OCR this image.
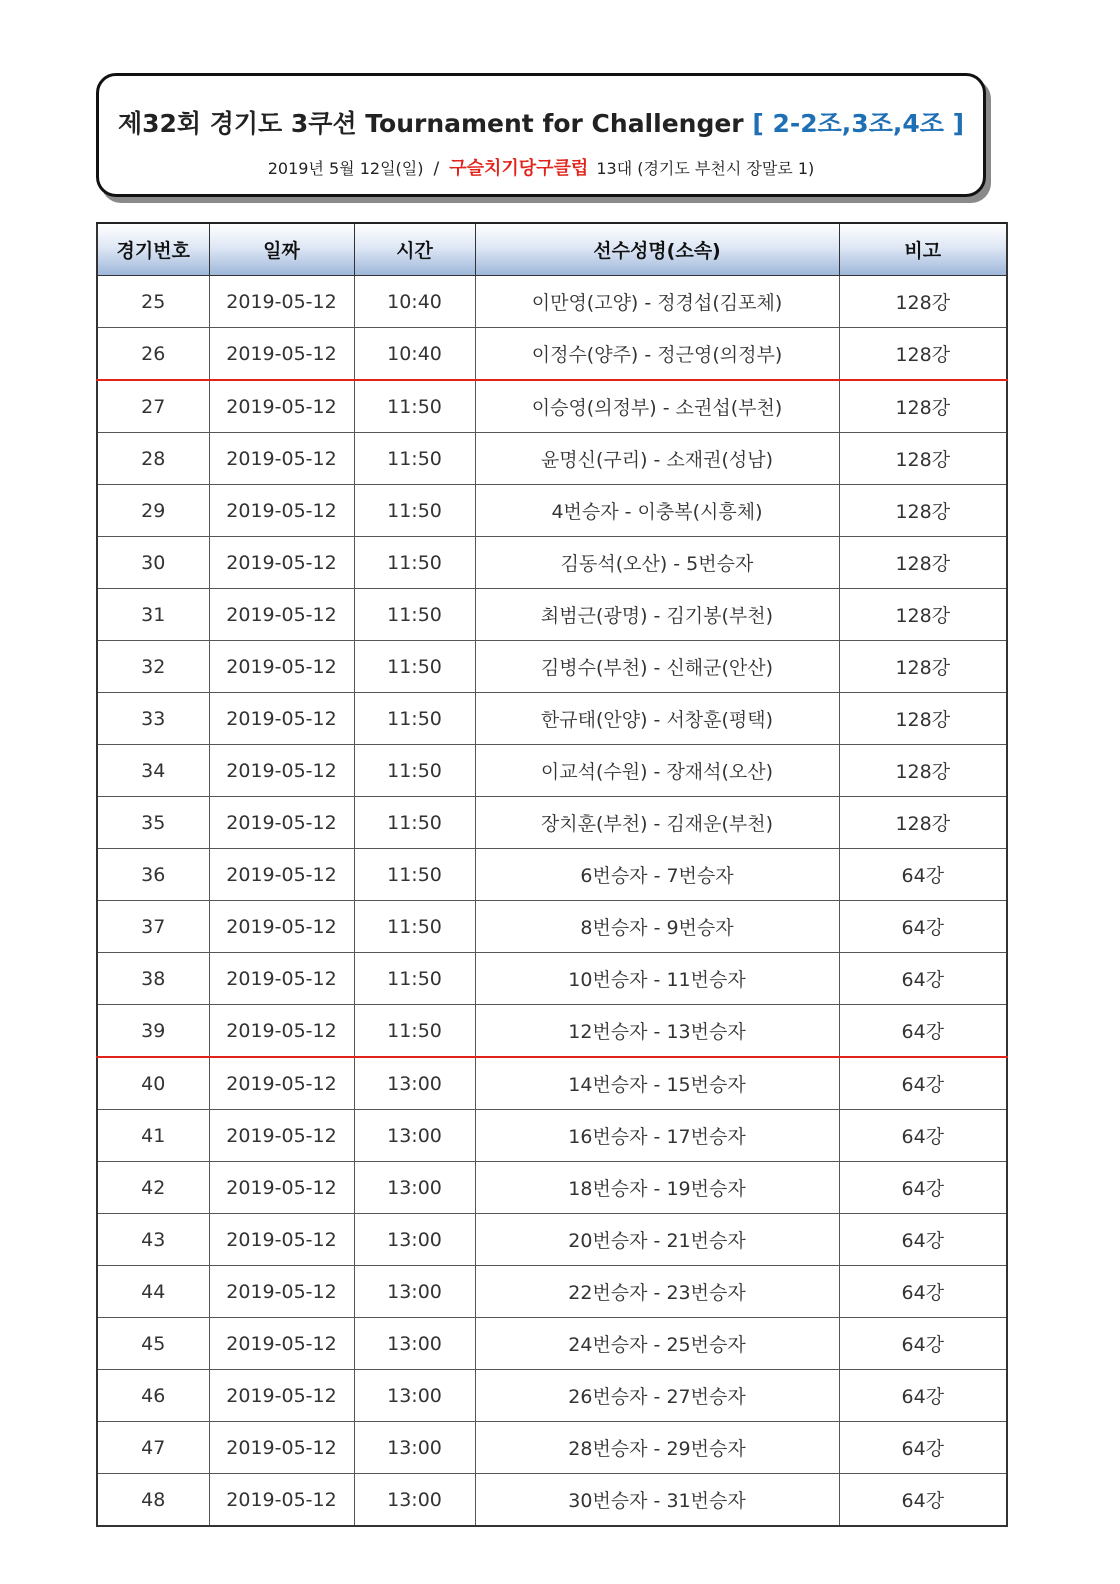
제32회 경기도 3쿠션 Tournament for Challenger [ 2-2조,3조,4조 ]
2019년 5월 12일(일) / 구슬치기당구클럽 13대 (경기도 부천시 장말로 1)
경기번호	일짜	시간	선수성명(소속)	비고
25	2019-05-12	10:40	이만영(고양) - 정경섭(김포체)	128강
26	2019-05-12	10:40	이정수(양주) - 정근영(의정부)	128강
27	2019-05-12	11:50	이승영(의정부) - 소권섭(부천)	128강
28	2019-05-12	11:50	윤명신(구리) - 소재권(성남)	128강
29	2019-05-12	11:50	4번승자 - 이충복(시흥체)	128강
30	2019-05-12	11:50	김동석(오산) - 5번승자	128강
31	2019-05-12	11:50	최범근(광명) - 김기봉(부천)	128강
32	2019-05-12	11:50	김병수(부천) - 신해군(안산)	128강
33	2019-05-12	11:50	한규태(안양) - 서창훈(평택)	128강
34	2019-05-12	11:50	이교석(수원) - 장재석(오산)	128강
35	2019-05-12	11:50	장치훈(부천) - 김재운(부천)	128강
36	2019-05-12	11:50	6번승자 - 7번승자	64강
37	2019-05-12	11:50	8번승자 - 9번승자	64강
38	2019-05-12	11:50	10번승자 - 11번승자	64강
39	2019-05-12	11:50	12번승자 - 13번승자	64강
40	2019-05-12	13:00	14번승자 - 15번승자	64강
41	2019-05-12	13:00	16번승자 - 17번승자	64강
42	2019-05-12	13:00	18번승자 - 19번승자	64강
43	2019-05-12	13:00	20번승자 - 21번승자	64강
44	2019-05-12	13:00	22번승자 - 23번승자	64강
45	2019-05-12	13:00	24번승자 - 25번승자	64강
46	2019-05-12	13:00	26번승자 - 27번승자	64강
47	2019-05-12	13:00	28번승자 - 29번승자	64강
48	2019-05-12	13:00	30번승자 - 31번승자	64강
